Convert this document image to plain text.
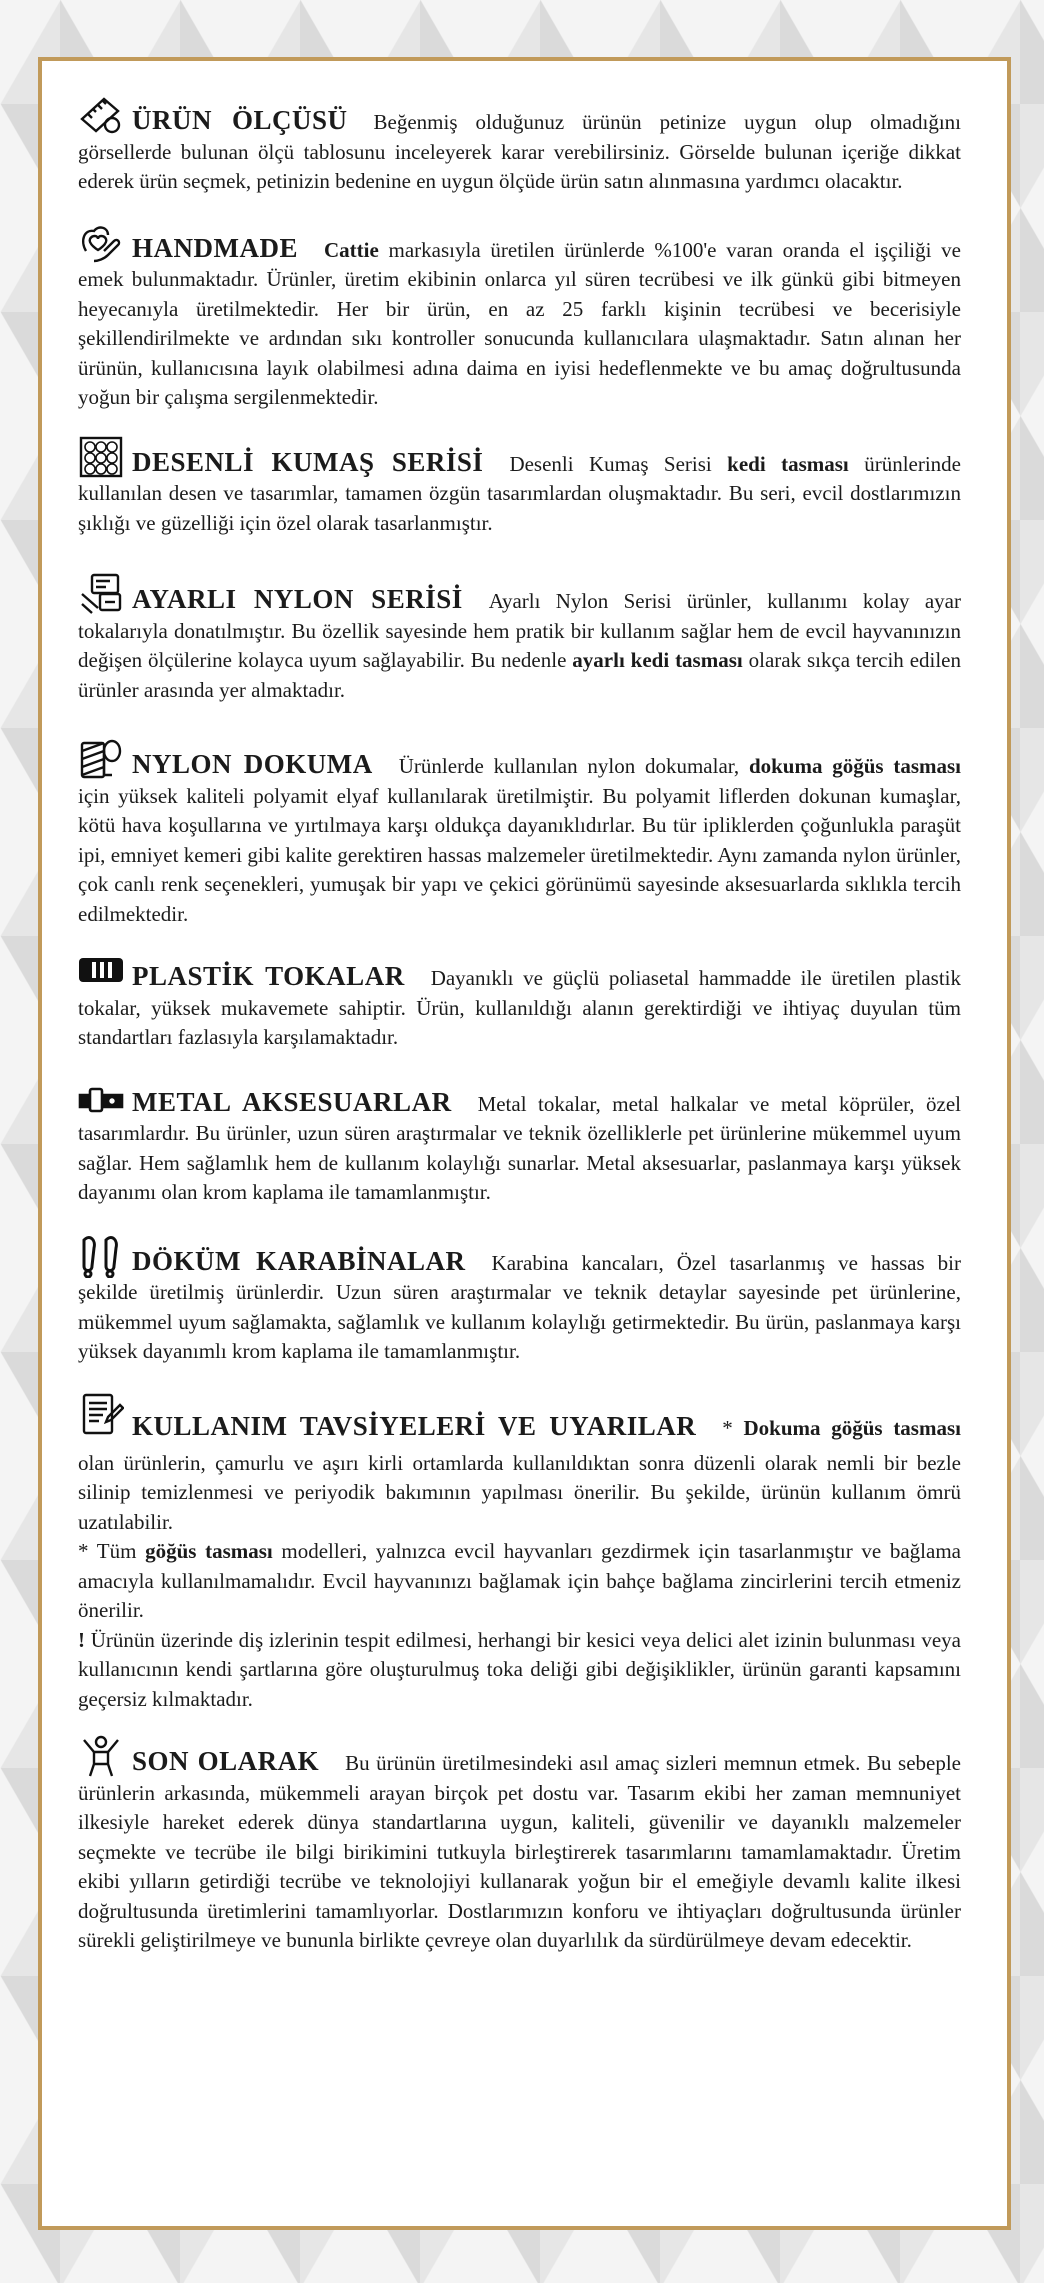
ÜRÜN ÖLÇÜSÜ Beğenmiş olduğunuz ürünün petinize uygun olup olmadığını görsellerde bulunan ölçü tablosunu inceleyerek karar verebilirsiniz. Görselde bulunan içeriğe dikkat ederek ürün seçmek, petinizin bedenine en uygun ölçüde ürün satın alınmasına yardımcı olacaktır.

HANDMADE Cattie markasıyla üretilen ürünlerde %100'e varan oranda el işçiliği ve emek bulunmaktadır. Ürünler, üretim ekibinin onlarca yıl süren tecrübesi ve ilk günkü gibi bitmeyen heyecanıyla üretilmektedir. Her bir ürün, en az 25 farklı kişinin tecrübesi ve becerisiyle şekillendirilmekte ve ardından sıkı kontroller sonucunda kullanıcılara ulaşmaktadır. Satın alınan her ürünün, kullanıcısına layık olabilmesi adına daima en iyisi hedeflenmekte ve bu amaç doğrultusunda yoğun bir çalışma sergilenmektedir.

DESENLİ KUMAŞ SERİSİ Desenli Kumaş Serisi kedi tasması ürünlerinde kullanılan desen ve tasarımlar, tamamen özgün tasarımlardan oluşmaktadır. Bu seri, evcil dostlarımızın şıklığı ve güzelliği için özel olarak tasarlanmıştır.

AYARLI NYLON SERİSİ Ayarlı Nylon Serisi ürünler, kullanımı kolay ayar tokalarıyla donatılmıştır. Bu özellik sayesinde hem pratik bir kullanım sağlar hem de evcil hayvanınızın değişen ölçülerine kolayca uyum sağlayabilir. Bu nedenle ayarlı kedi tasması olarak sıkça tercih edilen ürünler arasında yer almaktadır.

NYLON DOKUMA Ürünlerde kullanılan nylon dokumalar, dokuma göğüs tasması için yüksek kaliteli polyamit elyaf kullanılarak üretilmiştir. Bu polyamit liflerden dokunan kumaşlar, kötü hava koşullarına ve yırtılmaya karşı oldukça dayanıklıdırlar. Bu tür ipliklerden çoğunlukla paraşüt ipi, emniyet kemeri gibi kalite gerektiren hassas malzemeler üretilmektedir. Aynı zamanda nylon ürünler, çok canlı renk seçenekleri, yumuşak bir yapı ve çekici görünümü sayesinde aksesuarlarda sıklıkla tercih edilmektedir.

PLASTİK TOKALAR Dayanıklı ve güçlü poliasetal hammadde ile üretilen plastik tokalar, yüksek mukavemete sahiptir. Ürün, kullanıldığı alanın gerektirdiği ve ihtiyaç duyulan tüm standartları fazlasıyla karşılamaktadır.

METAL AKSESUARLAR Metal tokalar, metal halkalar ve metal köprüler, özel tasarımlardır. Bu ürünler, uzun süren araştırmalar ve teknik özelliklerle pet ürünlerine mükemmel uyum sağlar. Hem sağlamlık hem de kullanım kolaylığı sunarlar. Metal aksesuarlar, paslanmaya karşı yüksek dayanımı olan krom kaplama ile tamamlanmıştır.

DÖKÜM KARABİNALAR Karabina kancaları, Özel tasarlanmış ve hassas bir şekilde üretilmiş ürünlerdir. Uzun süren araştırmalar ve teknik detaylar sayesinde pet ürünlerine, mükemmel uyum sağlamakta, sağlamlık ve kullanım kolaylığı getirmektedir. Bu ürün, paslanmaya karşı yüksek dayanımlı krom kaplama ile tamamlanmıştır.

KULLANIM TAVSİYELERİ VE UYARILAR * Dokuma göğüs tasması olan ürünlerin, çamurlu ve aşırı kirli ortamlarda kullanıldıktan sonra düzenli olarak nemli bir bezle silinip temizlenmesi ve periyodik bakımının yapılması önerilir. Bu şekilde, ürünün kullanım ömrü uzatılabilir.
* Tüm göğüs tasması modelleri, yalnızca evcil hayvanları gezdirmek için tasarlanmıştır ve bağlama amacıyla kullanılmamalıdır. Evcil hayvanınızı bağlamak için bahçe bağlama zincirlerini tercih etmeniz önerilir.
! Ürünün üzerinde diş izlerinin tespit edilmesi, herhangi bir kesici veya delici alet izinin bulunması veya kullanıcının kendi şartlarına göre oluşturulmuş toka deliği gibi değişiklikler, ürünün garanti kapsamını geçersiz kılmaktadır.

SON OLARAK Bu ürünün üretilmesindeki asıl amaç sizleri memnun etmek. Bu sebeple ürünlerin arkasında, mükemmeli arayan birçok pet dostu var. Tasarım ekibi her zaman memnuniyet ilkesiyle hareket ederek dünya standartlarına uygun, kaliteli, güvenilir ve dayanıklı malzemeler seçmekte ve tecrübe ile bilgi birikimini tutkuyla birleştirerek tasarımlarını tamamlamaktadır. Üretim ekibi yılların getirdiği tecrübe ve teknolojiyi kullanarak yoğun bir el emeğiyle devamlı kalite ilkesi doğrultusunda üretimlerini tamamlıyorlar. Dostlarımızın konforu ve ihtiyaçları doğrultusunda ürünler sürekli geliştirilmeye ve bununla birlikte çevreye olan duyarlılık da sürdürülmeye devam edecektir.
